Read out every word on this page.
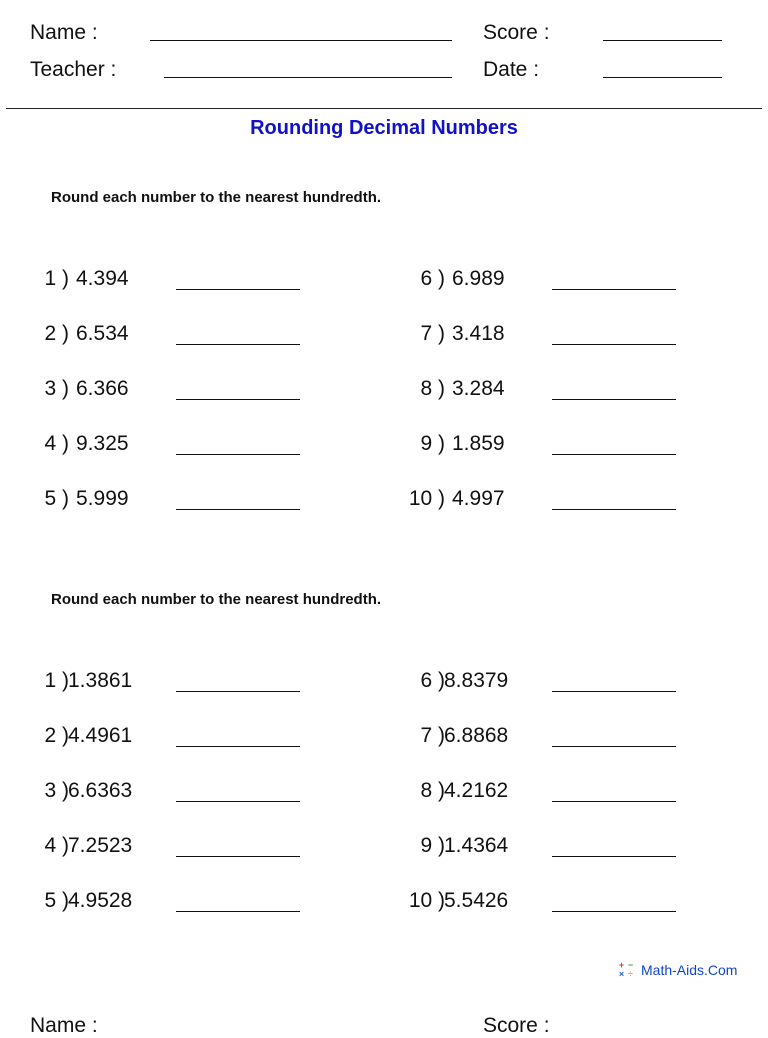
Name :	Score :
Teacher :	Date :
Rounding Decimal Numbers
Round each number to the nearest hundredth.
1 ) 4.394
2 ) 6.534
3 ) 6.366
4 ) 9.325
5 ) 5.999
6 ) 6.989
7 ) 3.418
8 ) 3.284
9 ) 1.859
10 ) 4.997
Round each number to the nearest hundredth.
1 ) 1.3861
2 ) 4.4961
3 ) 6.6363
4 ) 7.2523
5 ) 4.9528
6 ) 8.8379
7 ) 6.8868
8 ) 4.2162
9 ) 1.4364
10 ) 5.5426
+ −
× ÷ Math-Aids.Com
Name :	Score :
